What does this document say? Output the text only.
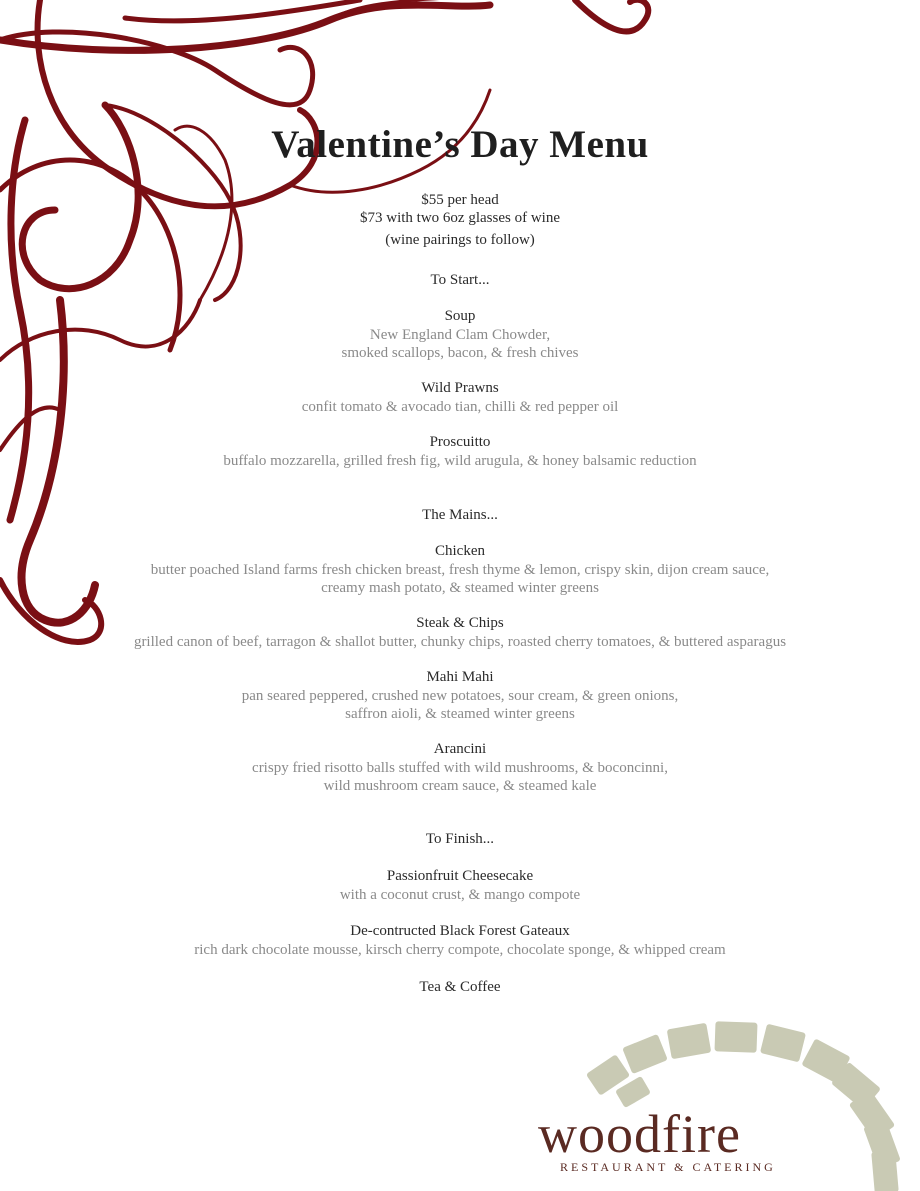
Valentine’s Day Menu
$55 per head
$73 with two 6oz glasses of wine
(wine pairings to follow)
To Start...
Soup
New England Clam Chowder,
smoked scallops, bacon, & fresh chives
Wild Prawns
confit tomato & avocado tian, chilli & red pepper oil
Proscuitto
buffalo mozzarella, grilled fresh fig, wild arugula, & honey balsamic reduction
The Mains...
Chicken
butter poached Island farms fresh chicken breast, fresh thyme & lemon, crispy skin, dijon cream sauce,
creamy mash potato, & steamed winter greens
Steak & Chips
grilled canon of beef, tarragon & shallot butter, chunky chips, roasted cherry tomatoes, & buttered asparagus
Mahi Mahi
pan seared peppered, crushed new potatoes, sour cream, & green onions,
saffron aioli, & steamed winter greens
Arancini
crispy fried risotto balls stuffed with wild mushrooms, & boconcinni,
wild mushroom cream sauce, & steamed kale
To Finish...
Passionfruit Cheesecake
with a coconut crust, & mango compote
De-contructed Black Forest Gateaux
rich dark chocolate mousse, kirsch cherry compote, chocolate sponge, & whipped cream
Tea & Coffee
woodfire
RESTAURANT & CATERING
